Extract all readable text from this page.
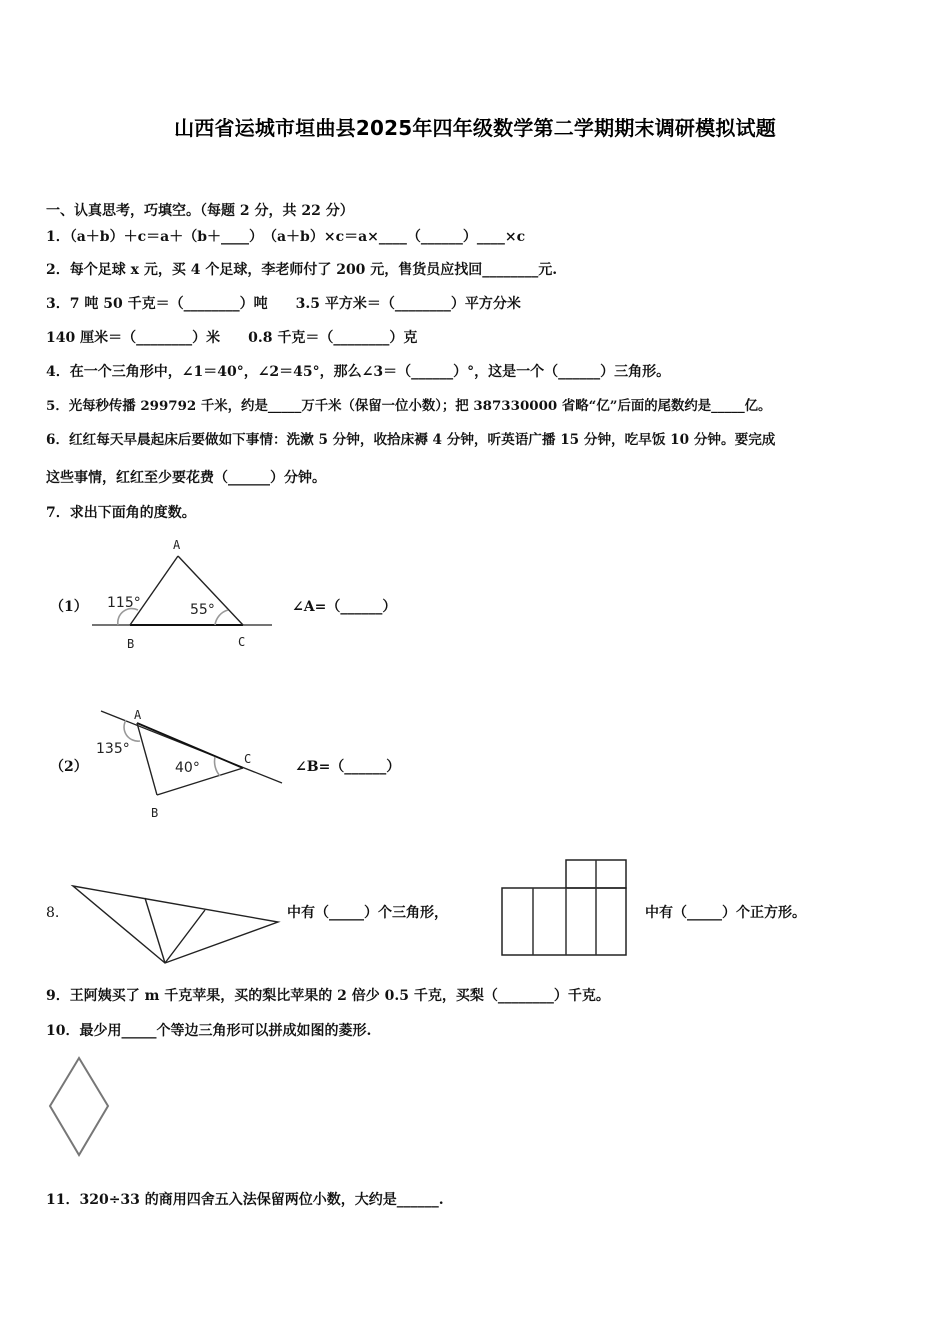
山西省运城市垣曲县2025年四年级数学第二学期期末调研模拟试题
一、认真思考，巧填空。（每题 2 分，共 22 分）
1．（a＋b）＋c＝a＋（b＋____）　（a＋b）×c＝a×____（______）____×c
2．每个足球 x 元，买 4 个足球，李老师付了 200 元，售货员应找回________元.
3．7 吨 50 千克＝（________）吨　　3.5 平方米＝（________）平方分米
140 厘米＝（________）米　　0.8 千克＝（________）克
4．在一个三角形中，∠1＝40°，∠2＝45°，那么∠3＝（______）°，这是一个（______）三角形。
5．光每秒传播 299792 千米，约是_____万千米（保留一位小数）；把 387330000 省略“亿”后面的尾数约是_____亿。
6．红红每天早晨起床后要做如下事情：洗漱 5 分钟，收拾床褥 4 分钟，听英语广播 15 分钟，吃早饭 10 分钟。要完成
这些事情，红红至少要花费（______）分钟。
7．求出下面角的度数。
（1）
A
B	C
115°	55°	∠A=（______）
（2）
A
B
C
135°
40°	∠B=（______）
8.	中有（_____）个三角形，	中有（_____）个正方形。
9．王阿姨买了 m 千克苹果，买的梨比苹果的 2 倍少 0.5 千克，买梨（________）千克。
10．最少用_____个等边三角形可以拼成如图的菱形.
11．320÷33 的商用四舍五入法保留两位小数，大约是______.
